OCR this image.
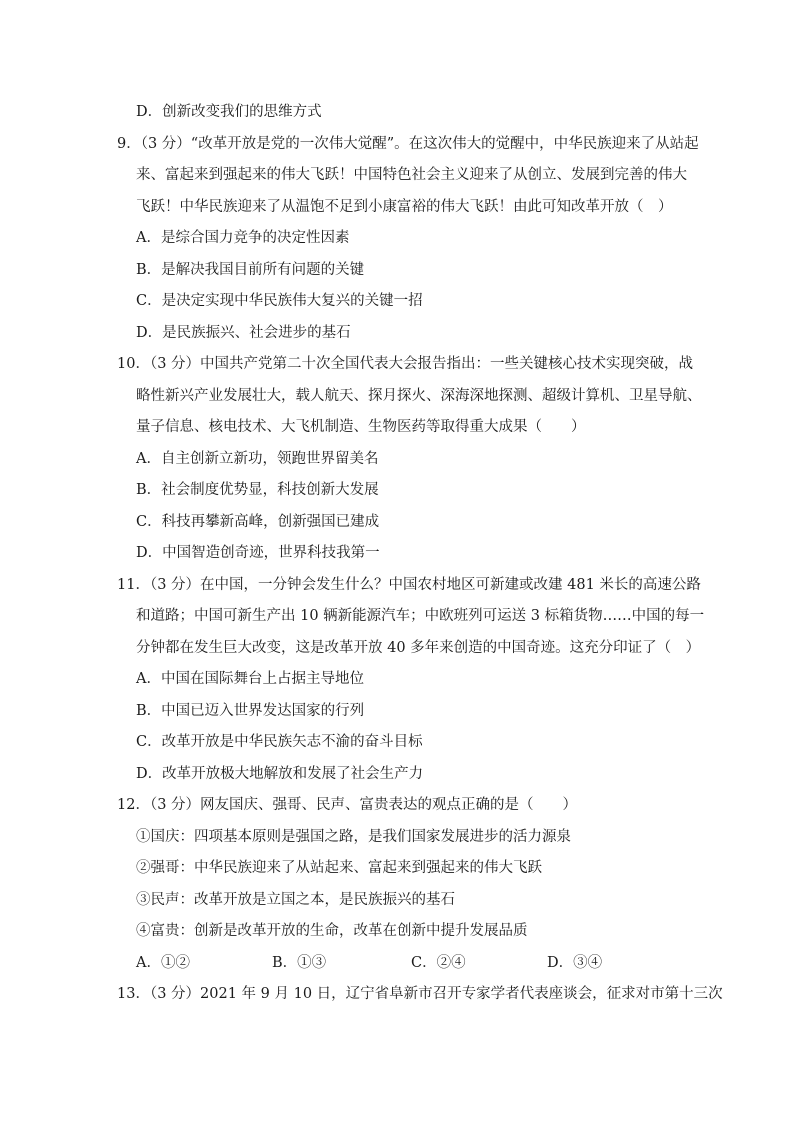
D．创新改变我们的思维方式
9．（3 分）“改革开放是党的一次伟大觉醒”。在这次伟大的觉醒中，中华民族迎来了从站起
来、富起来到强起来的伟大飞跃！中国特色社会主义迎来了从创立、发展到完善的伟大
飞跃！中华民族迎来了从温饱不足到小康富裕的伟大飞跃！由此可知改革开放（　）
A．是综合国力竞争的决定性因素
B．是解决我国目前所有问题的关键
C．是决定实现中华民族伟大复兴的关键一招
D．是民族振兴、社会进步的基石
10．（3 分）中国共产党第二十次全国代表大会报告指出：一些关键核心技术实现突破，战
略性新兴产业发展壮大，载人航天、探月探火、深海深地探测、超级计算机、卫星导航、
量子信息、核电技术、大飞机制造、生物医药等取得重大成果（　　）
A．自主创新立新功，领跑世界留美名
B．社会制度优势显，科技创新大发展
C．科技再攀新高峰，创新强国已建成
D．中国智造创奇迹，世界科技我第一
11．（3 分）在中国，一分钟会发生什么？中国农村地区可新建或改建 481 米长的高速公路
和道路；中国可新生产出 10 辆新能源汽车；中欧班列可运送 3 标箱货物……中国的每一
分钟都在发生巨大改变，这是改革开放 40 多年来创造的中国奇迹。这充分印证了（　）
A．中国在国际舞台上占据主导地位
B．中国已迈入世界发达国家的行列
C．改革开放是中华民族矢志不渝的奋斗目标
D．改革开放极大地解放和发展了社会生产力
12．（3 分）网友国庆、强哥、民声、富贵表达的观点正确的是（　　）
①国庆：四项基本原则是强国之路，是我们国家发展进步的活力源泉
②强哥：中华民族迎来了从站起来、富起来到强起来的伟大飞跃
③民声：改革开放是立国之本，是民族振兴的基石
④富贵：创新是改革开放的生命，改革在创新中提升发展品质
A．①②	B．①③	C．②④	D．③④
13．（3 分）2021 年 9 月 10 日，辽宁省阜新市召开专家学者代表座谈会，征求对市第十三次
